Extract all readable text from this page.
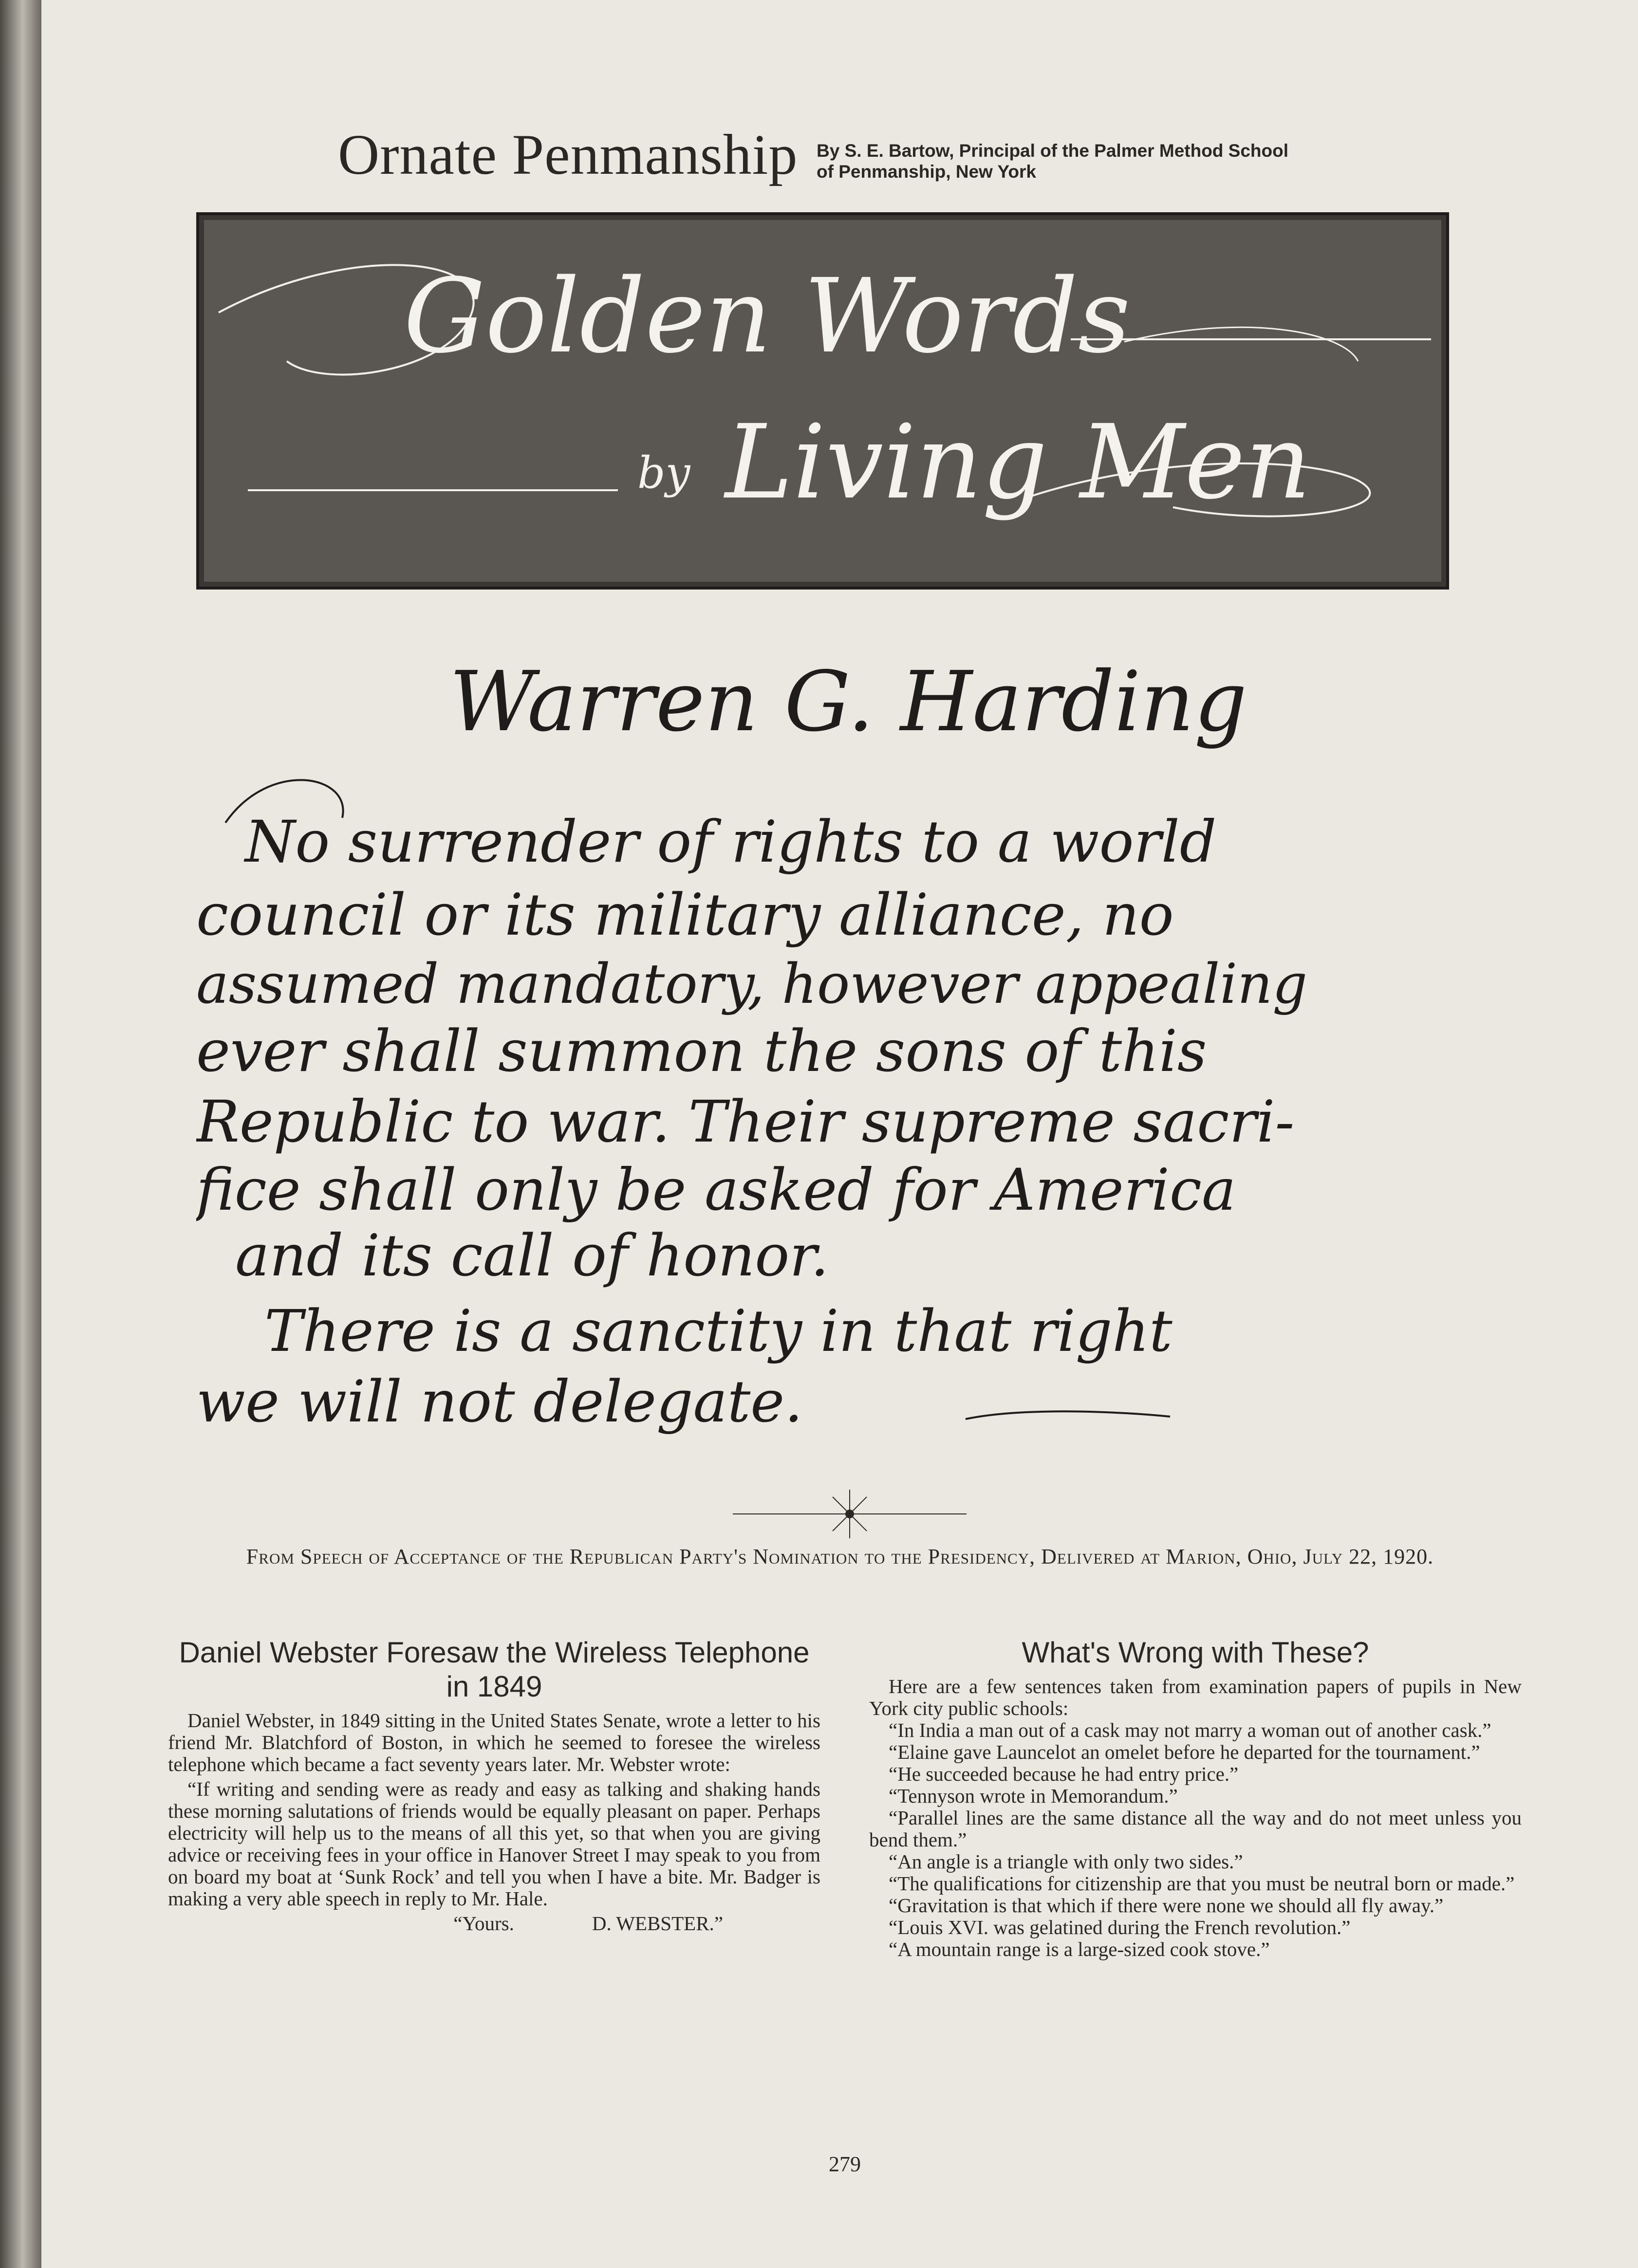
Ornate Penmanship By S. E. Bartow, Principal of the Palmer Method School of Penmanship, New York
Golden Words
by Living Men
Warren G. Harding
No surrender of rights to a world
council or its military alliance, no
assumed mandatory, however appealing
ever shall summon the sons of this
Republic to war. Their supreme sacri-
fice shall only be asked for America
and its call of honor.
There is a sanctity in that right
we will not delegate.
From Speech of Acceptance of the Republican Party's Nomination to the Presidency, Delivered at Marion, Ohio, July 22, 1920.
Daniel Webster Foresaw the Wireless Telephone in 1849

Daniel Webster, in 1849 sitting in the United States Senate, wrote a letter to his friend Mr. Blatchford of Boston, in which he seemed to foresee the wireless telephone which became a fact seventy years later. Mr. Webster wrote:

“If writing and sending were as ready and easy as talking and shaking hands these morning salutations of friends would be equally pleasant on paper. Perhaps electricity will help us to the means of all this yet, so that when you are giving advice or receiving fees in your office in Hanover Street I may speak to you from on board my boat at ‘Sunk Rock’ and tell you when I have a bite. Mr. Badger is making a very able speech in reply to Mr. Hale.

“Yours.	D. WEBSTER.”
What's Wrong with These?

Here are a few sentences taken from examination papers of pupils in New York city public schools:

“In India a man out of a cask may not marry a woman out of another cask.”

“Elaine gave Launcelot an omelet before he departed for the tournament.”

“He succeeded because he had entry price.”

“Tennyson wrote in Memorandum.”

“Parallel lines are the same distance all the way and do not meet unless you bend them.”

“An angle is a triangle with only two sides.”

“The qualifications for citizenship are that you must be neutral born or made.”

“Gravitation is that which if there were none we should all fly away.”

“Louis XVI. was gelatined during the French revolution.”

“A mountain range is a large-sized cook stove.”

279
